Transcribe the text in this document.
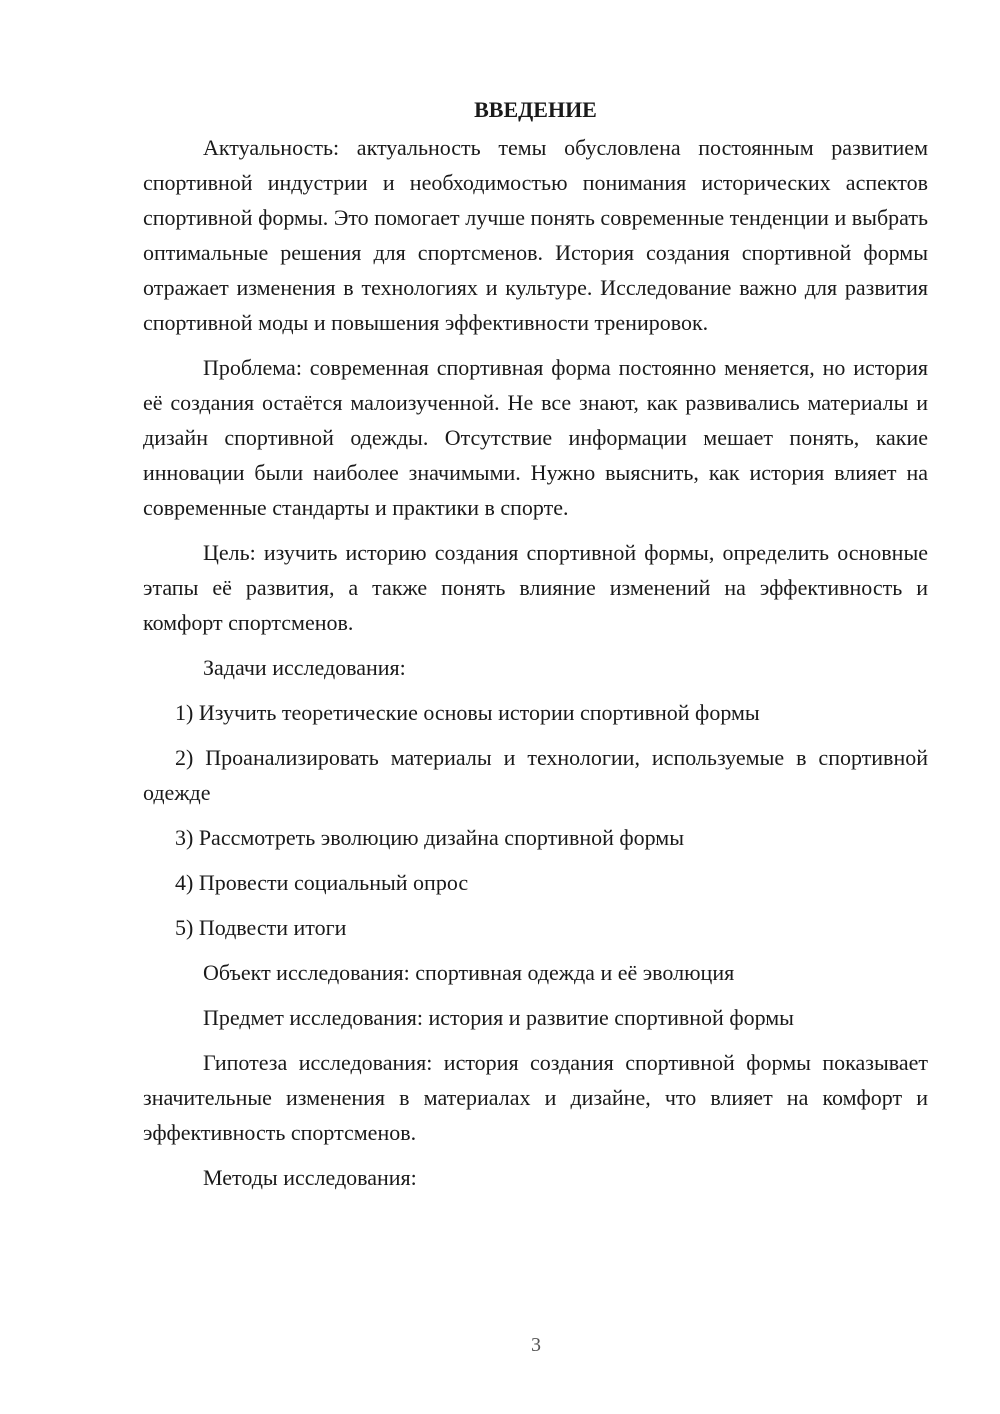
ВВЕДЕНИЕ

Актуальность: актуальность темы обусловлена постоянным развитием спортивной индустрии и необходимостью понимания исторических аспектов спортивной формы. Это помогает лучше понять современные тенденции и выбрать оптимальные решения для спортсменов. История создания спортивной формы отражает изменения в технологиях и культуре. Исследование важно для развития спортивной моды и повышения эффективности тренировок.

Проблема: современная спортивная форма постоянно меняется, но история её создания остаётся малоизученной. Не все знают, как развивались материалы и дизайн спортивной одежды. Отсутствие информации мешает понять, какие инновации были наиболее значимыми. Нужно выяснить, как история влияет на современные стандарты и практики в спорте.

Цель: изучить историю создания спортивной формы, определить основные этапы её развития, а также понять влияние изменений на эффективность и комфорт спортсменов.

Задачи исследования:

1) Изучить теоретические основы истории спортивной формы

2) Проанализировать материалы и технологии, используемые в спортивной одежде

3) Рассмотреть эволюцию дизайна спортивной формы

4) Провести социальный опрос

5) Подвести итоги

Объект исследования: спортивная одежда и её эволюция

Предмет исследования: история и развитие спортивной формы

Гипотеза исследования: история создания спортивной формы показывает значительные изменения в материалах и дизайне, что влияет на комфорт и эффективность спортсменов.

Методы исследования:

3
